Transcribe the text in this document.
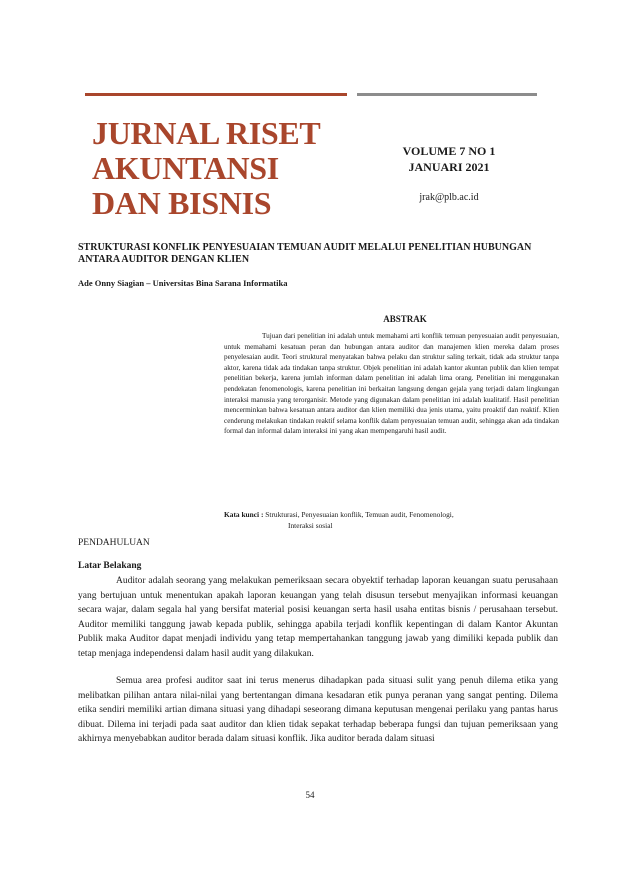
JURNAL RISET
AKUNTANSI
DAN BISNIS
VOLUME 7 NO 1
JANUARI 2021
jrak@plb.ac.id
STRUKTURASI KONFLIK PENYESUAIAN TEMUAN AUDIT MELALUI PENELITIAN HUBUNGAN ANTARA AUDITOR DENGAN KLIEN
Ade Onny Siagian – Universitas Bina Sarana Informatika
ABSTRAK

Tujuan dari penelitian ini adalah untuk memahami arti konflik temuan penyesuaian audit penyesuaian, untuk memahami kesatuan peran dan hubungan antara auditor dan manajemen klien mereka dalam proses penyelesaian audit. Teori struktural menyatakan bahwa pelaku dan struktur saling terkait, tidak ada struktur tanpa aktor, karena tidak ada tindakan tanpa struktur. Objek penelitian ini adalah kantor akuntan publik dan klien tempat penelitian bekerja, karena jumlah informan dalam penelitian ini adalah lima orang. Penelitian ini menggunakan pendekatan fenomenologis, karena penelitian ini berkaitan langsung dengan gejala yang terjadi dalam lingkungan interaksi manusia yang terorganisir. Metode yang digunakan dalam penelitian ini adalah kualitatif. Hasil penelitian mencerminkan bahwa kesatuan antara auditor dan klien memiliki dua jenis utama, yaitu proaktif dan reaktif. Klien cenderung melakukan tindakan reaktif selama konflik dalam penyesuaian temuan audit, sehingga akan ada tindakan formal dan informal dalam interaksi ini yang akan mempengaruhi hasil audit.

Kata kunci : Strukturasi, Penyesuaian konflik, Temuan audit, Fenomenologi,
Interaksi sosial
PENDAHULUAN
Latar Belakang

Auditor adalah seorang yang melakukan pemeriksaan secara obyektif terhadap laporan keuangan suatu perusahaan yang bertujuan untuk menentukan apakah laporan keuangan yang telah disusun tersebut menyajikan informasi keuangan secara wajar, dalam segala hal yang bersifat material posisi keuangan serta hasil usaha entitas bisnis / perusahaan tersebut. Auditor memiliki tanggung jawab kepada publik, sehingga apabila terjadi konflik kepentingan di dalam Kantor Akuntan Publik maka Auditor dapat menjadi individu yang tetap mempertahankan tanggung jawab yang dimiliki kepada publik dan tetap menjaga independensi dalam hasil audit yang dilakukan.

Semua area profesi auditor saat ini terus menerus dihadapkan pada situasi sulit yang penuh dilema etika yang melibatkan pilihan antara nilai-nilai yang bertentangan dimana kesadaran etik punya peranan yang sangat penting. Dilema etika sendiri memiliki artian dimana situasi yang dihadapi seseorang dimana keputusan mengenai perilaku yang pantas harus dibuat. Dilema ini terjadi pada saat auditor dan klien tidak sepakat terhadap beberapa fungsi dan tujuan pemeriksaan yang akhirnya menyebabkan auditor berada dalam situasi konflik. Jika auditor berada dalam situasi

54
